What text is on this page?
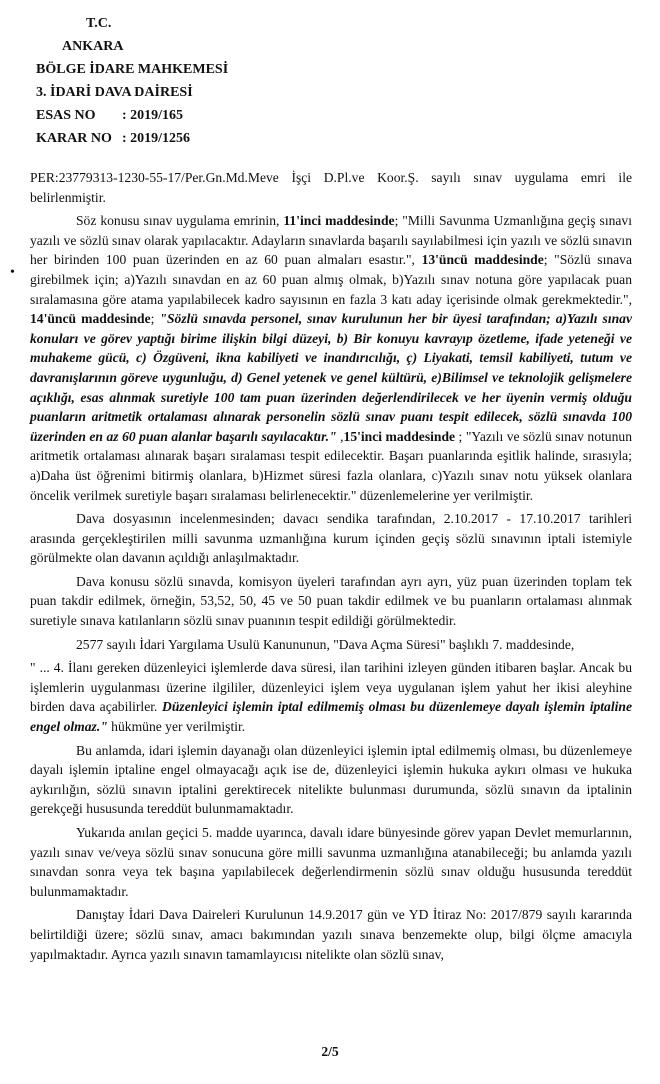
T.C.
ANKARA
BÖLGE İDARE MAHKEMESİ
3. İDARİ DAVA DAİRESİ
ESAS NO : 2019/165
KARAR NO : 2019/1256
•

PER:23779313-1230-55-17/Per.Gn.Md.Meve İşçi D.Pl.ve Koor.Ş. sayılı sınav uygulama emri ile belirlenmiştir.

Söz konusu sınav uygulama emrinin, 11'inci maddesinde; "Milli Savunma Uzmanlığına geçiş sınavı yazılı ve sözlü sınav olarak yapılacaktır. Adayların sınavlarda başarılı sayılabilmesi için yazılı ve sözlü sınavın her birinden 100 puan üzerinden en az 60 puan almaları esastır.", 13'üncü maddesinde; "Sözlü sınava girebilmek için; a)Yazılı sınavdan en az 60 puan almış olmak, b)Yazılı sınav notuna göre yapılacak puan sıralamasına göre atama yapılabilecek kadro sayısının en fazla 3 katı aday içerisinde olmak gerekmektedir.", 14'üncü maddesinde; "Sözlü sınavda personel, sınav kurulunun her bir üyesi tarafından; a)Yazılı sınav konuları ve görev yaptığı birime ilişkin bilgi düzeyi, b) Bir konuyu kavrayıp özetleme, ifade yeteneği ve muhakeme gücü, c) Özgüveni, ikna kabiliyeti ve inandırıcılığı, ç) Liyakati, temsil kabiliyeti, tutum ve davranışlarının göreve uygunluğu, d) Genel yetenek ve genel kültürü, e)Bilimsel ve teknolojik gelişmelere açıklığı, esas alınmak suretiyle 100 tam puan üzerinden değerlendirilecek ve her üyenin vermiş olduğu puanların aritmetik ortalaması alınarak personelin sözlü sınav puanı tespit edilecek, sözlü sınavda 100 üzerinden en az 60 puan alanlar başarılı sayılacaktır." ,15'inci maddesinde ; "Yazılı ve sözlü sınav notunun aritmetik ortalaması alınarak başarı sıralaması tespit edilecektir. Başarı puanlarında eşitlik halinde, sırasıyla; a)Daha üst öğrenimi bitirmiş olanlara, b)Hizmet süresi fazla olanlara, c)Yazılı sınav notu yüksek olanlara öncelik verilmek suretiyle başarı sıralaması belirlenecektir." düzenlemelerine yer verilmiştir.

Dava dosyasının incelenmesinden; davacı sendika tarafından, 2.10.2017 - 17.10.2017 tarihleri arasında gerçekleştirilen milli savunma uzmanlığına kurum içinden geçiş sözlü sınavının iptali istemiyle görülmekte olan davanın açıldığı anlaşılmaktadır.

Dava konusu sözlü sınavda, komisyon üyeleri tarafından ayrı ayrı, yüz puan üzerinden toplam tek puan takdir edilmek, örneğin, 53,52, 50, 45 ve 50 puan takdir edilmek ve bu puanların ortalaması alınmak suretiyle sınava katılanların sözlü sınav puanının tespit edildiği görülmektedir.

2577 sayılı İdari Yargılama Usulü Kanununun, "Dava Açma Süresi" başlıklı 7. maddesinde,

" ... 4. İlanı gereken düzenleyici işlemlerde dava süresi, ilan tarihini izleyen günden itibaren başlar. Ancak bu işlemlerin uygulanması üzerine ilgililer, düzenleyici işlem veya uygulanan işlem yahut her ikisi aleyhine birden dava açabilirler. Düzenleyici işlemin iptal edilmemiş olması bu düzenlemeye dayalı işlemin iptaline engel olmaz." hükmüne yer verilmiştir.

Bu anlamda, idari işlemin dayanağı olan düzenleyici işlemin iptal edilmemiş olması, bu düzenlemeye dayalı işlemin iptaline engel olmayacağı açık ise de, düzenleyici işlemin hukuka aykırı olması ve hukuka aykırılığın, sözlü sınavın iptalini gerektirecek nitelikte bulunması durumunda, sözlü sınavın da iptalinin gerekçeği hususunda tereddüt bulunmamaktadır.

Yukarıda anılan geçici 5. madde uyarınca, davalı idare bünyesinde görev yapan Devlet memurlarının, yazılı sınav ve/veya sözlü sınav sonucuna göre milli savunma uzmanlığına atanabileceği; bu anlamda yazılı sınavdan sonra veya tek başına yapılabilecek değerlendirmenin sözlü sınav olduğu hususunda tereddüt bulunmamaktadır.

Danıştay İdari Dava Daireleri Kurulunun 14.9.2017 gün ve YD İtiraz No: 2017/879 sayılı kararında belirtildiği üzere; sözlü sınav, amacı bakımından yazılı sınava benzemekte olup, bilgi ölçme amacıyla yapılmaktadır. Ayrıca yazılı sınavın tamamlayıcısı nitelikte olan sözlü sınav,

2/5
